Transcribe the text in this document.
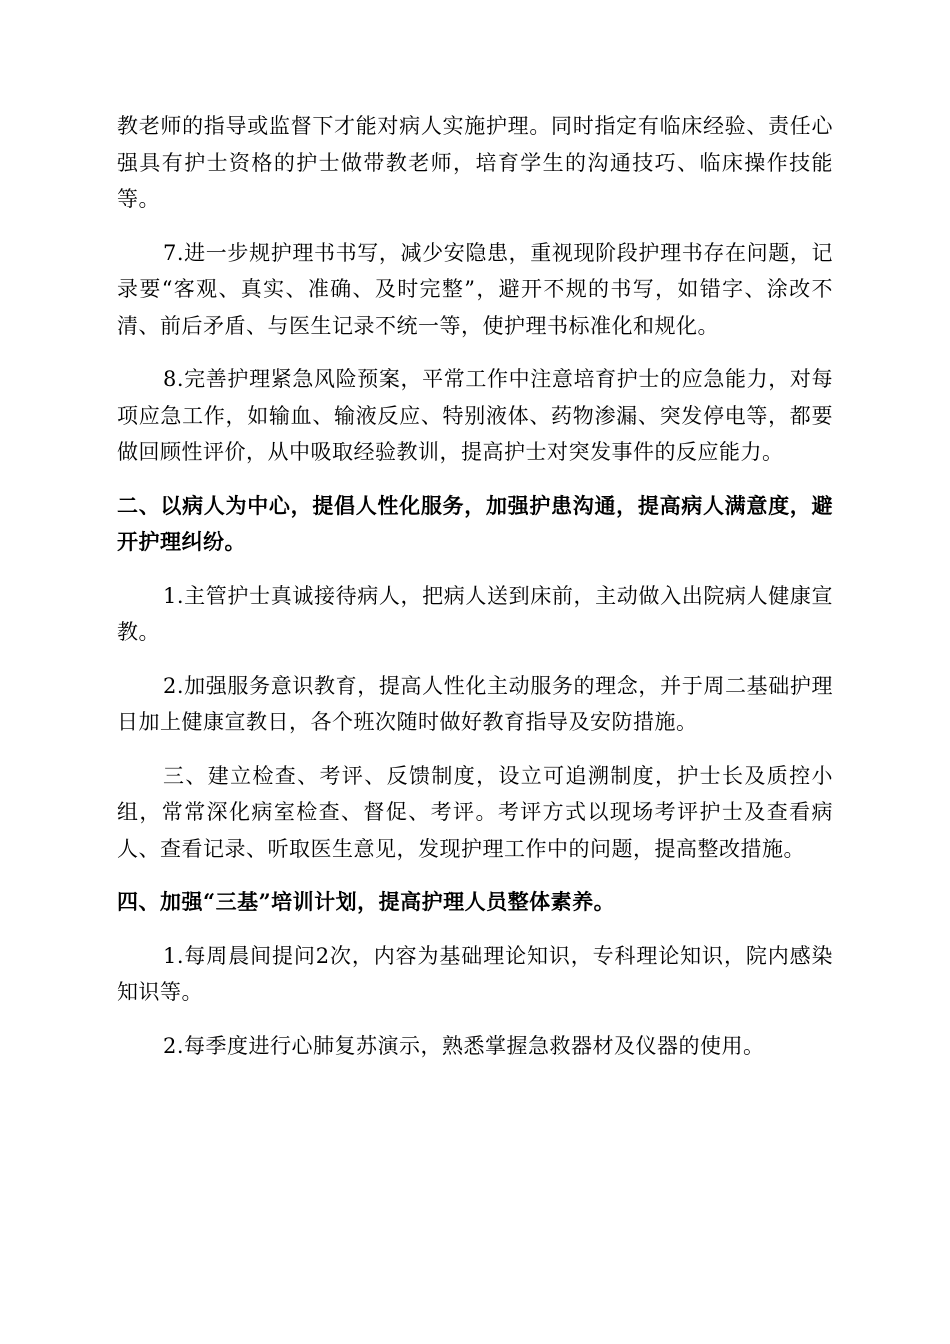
教老师的指导或监督下才能对病人实施护理。同时指定有临床经验、责任心强具有护士资格的护士做带教老师，培育学生的沟通技巧、临床操作技能等。

7.进一步规护理书书写，减少安隐患，重视现阶段护理书存在问题，记录要“客观、真实、准确、及时完整”，避开不规的书写，如错字、涂改不清、前后矛盾、与医生记录不统一等，使护理书标准化和规化。

8.完善护理紧急风险预案，平常工作中注意培育护士的应急能力，对每项应急工作，如输血、输液反应、特别液体、药物渗漏、突发停电等，都要做回顾性评价，从中吸取经验教训，提高护士对突发事件的反应能力。

二、以病人为中心，提倡人性化服务，加强护患沟通，提高病人满意度，避开护理纠纷。

1.主管护士真诚接待病人，把病人送到床前，主动做入出院病人健康宣教。

2.加强服务意识教育，提高人性化主动服务的理念，并于周二基础护理日加上健康宣教日，各个班次随时做好教育指导及安防措施。

三、建立检查、考评、反馈制度，设立可追溯制度，护士长及质控小组，常常深化病室检查、督促、考评。考评方式以现场考评护士及查看病人、查看记录、听取医生意见，发现护理工作中的问题，提高整改措施。

四、加强“三基”培训计划，提高护理人员整体素养。

1.每周晨间提问2次，内容为基础理论知识，专科理论知识，院内感染知识等。

2.每季度进行心肺复苏演示，熟悉掌握急救器材及仪器的使用。
